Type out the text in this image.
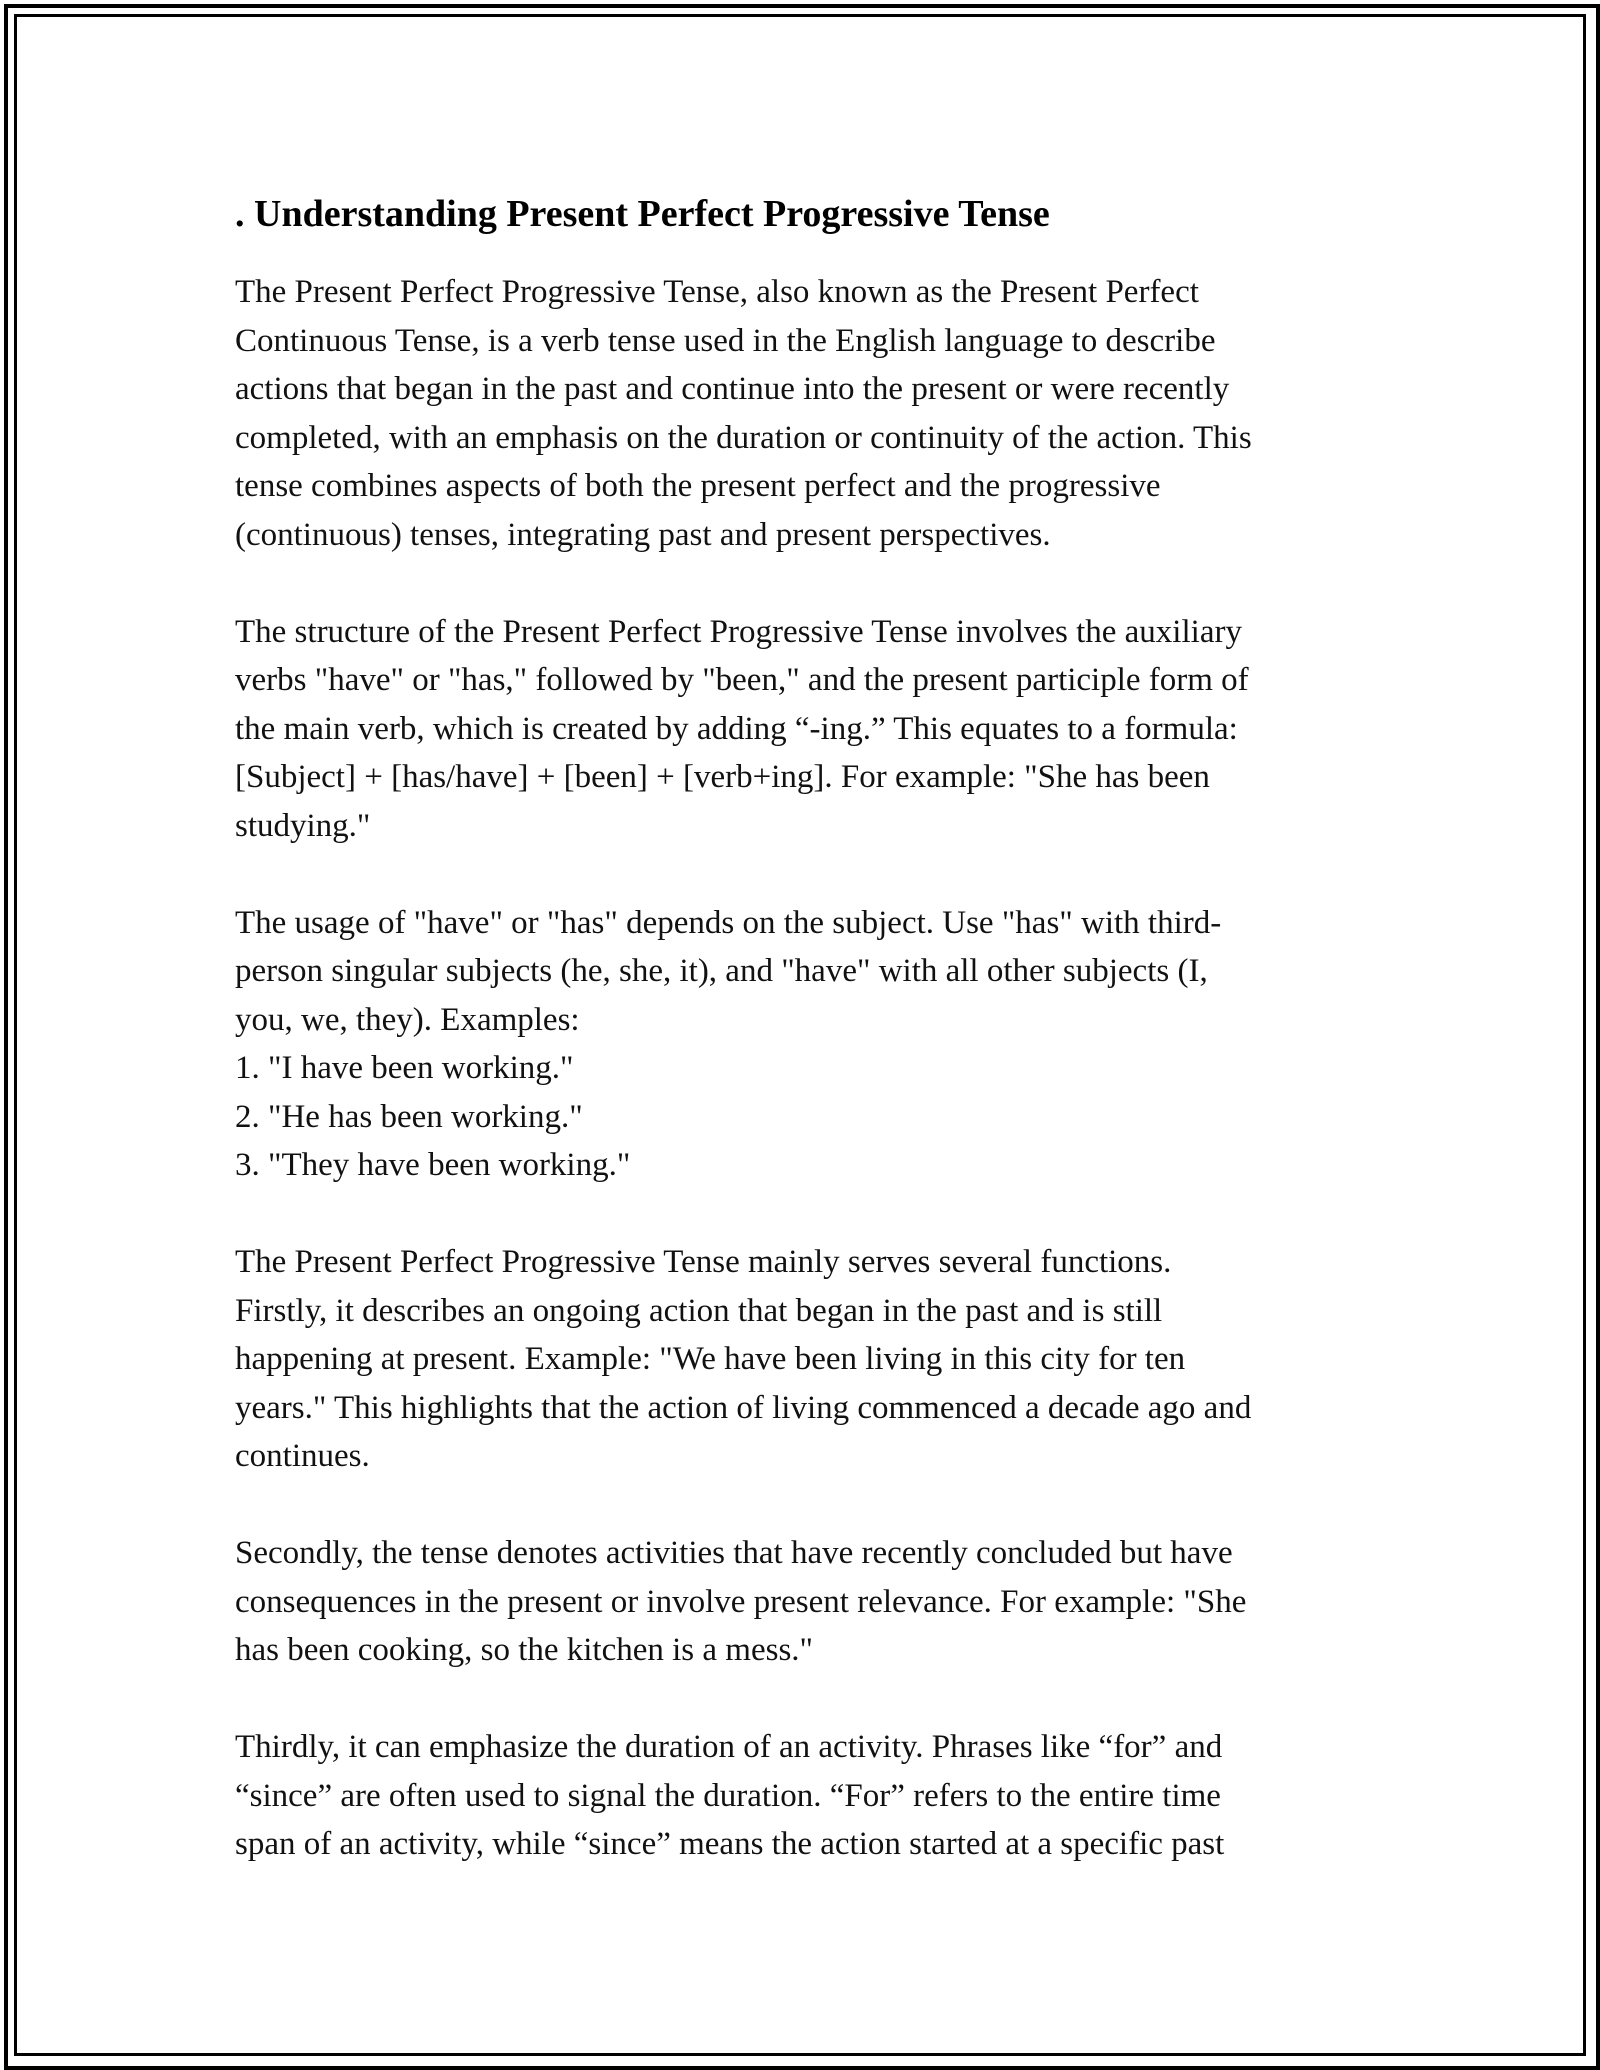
. Understanding Present Perfect Progressive Tense

The Present Perfect Progressive Tense, also known as the Present Perfect
Continuous Tense, is a verb tense used in the English language to describe
actions that began in the past and continue into the present or were recently
completed, with an emphasis on the duration or continuity of the action. This
tense combines aspects of both the present perfect and the progressive
(continuous) tenses, integrating past and present perspectives.

The structure of the Present Perfect Progressive Tense involves the auxiliary
verbs "have" or "has," followed by "been," and the present participle form of
the main verb, which is created by adding “-ing.” This equates to a formula:
[Subject] + [has/have] + [been] + [verb+ing]. For example: "She has been
studying."

The usage of "have" or "has" depends on the subject. Use "has" with third-
person singular subjects (he, she, it), and "have" with all other subjects (I,
you, we, they). Examples:
1. "I have been working."
2. "He has been working."
3. "They have been working."

The Present Perfect Progressive Tense mainly serves several functions.
Firstly, it describes an ongoing action that began in the past and is still
happening at present. Example: "We have been living in this city for ten
years." This highlights that the action of living commenced a decade ago and
continues.

Secondly, the tense denotes activities that have recently concluded but have
consequences in the present or involve present relevance. For example: "She
has been cooking, so the kitchen is a mess."

Thirdly, it can emphasize the duration of an activity. Phrases like “for” and
“since” are often used to signal the duration. “For” refers to the entire time
span of an activity, while “since” means the action started at a specific past
